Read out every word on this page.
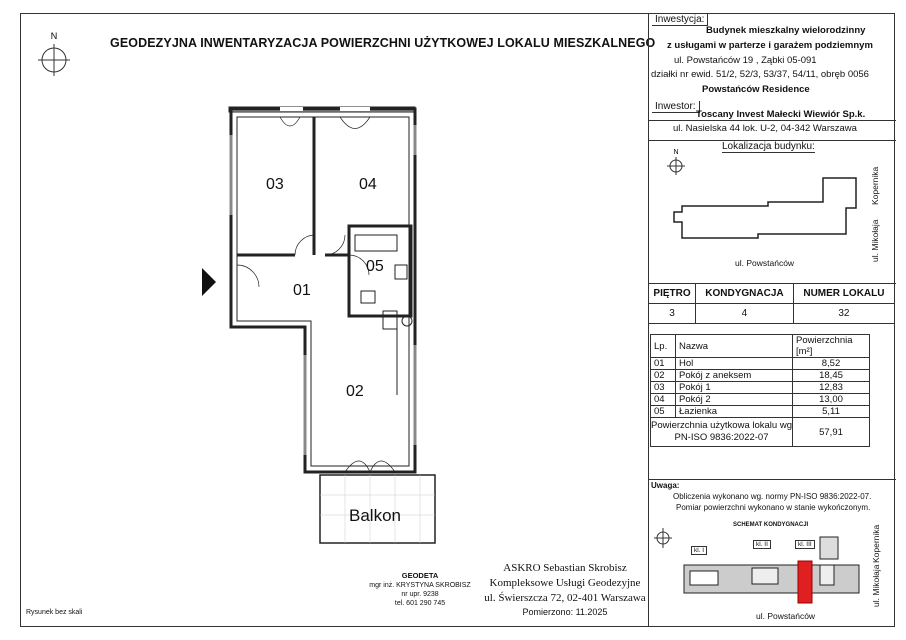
N	GEODEZYJNA INWENTARYZACJA POWIERZCHNI UŻYTKOWEJ LOKALU MIESZKALNEGO
03	04
05
01
02
Balkon
Inwestycja:
Budynek mieszkalny wielorodzinny
z usługami w parterze i garażem podziemnym
ul. Powstańców 19 , Ząbki 05-091
działki nr ewid. 51/2, 52/3, 53/37, 54/11, obręb 0056
Powstańców Residence
Inwestor:
Toscany Invest Małecki Wiewiór Sp.k.
ul. Nasielska 44 lok. U-2, 04-342 Warszawa
Lokalizacja budynku:
N
ul. Powstańców
ul. Mikołaja
Kopernika
PIĘTRO	KONDYGNACJA	NUMER LOKALU
3	4	32
Lp.	Nazwa	Powierzchnia [m²]
01	Hol	8,52
02	Pokój z aneksem	18,45
03	Pokój 1	12,83
04	Pokój 2	13,00
05	Łazienka	5,11
Powierzchnia użytkowa lokalu wg
PN-ISO 9836:2022-07		57,91
Uwaga:
Obliczenia wykonano wg. normy PN-ISO 9836:2022-07.
Pomiar powierzchni wykonano w stanie wykończonym.
SCHEMAT KONDYGNACJI
kl. I
kl. II	kl. III
ul. Powstańców
ul. Mikołaja
Kopernika
GEODETA
mgr inż. KRYSTYNA SKROBISZ
nr upr. 9238
tel. 601 290 745
ASKRO Sebastian Skrobisz
Kompleksowe Usługi Geodezyjne
ul. Świerszcza 72, 02-401 Warszawa
Pomierzono: 11.2025
Rysunek bez skali
